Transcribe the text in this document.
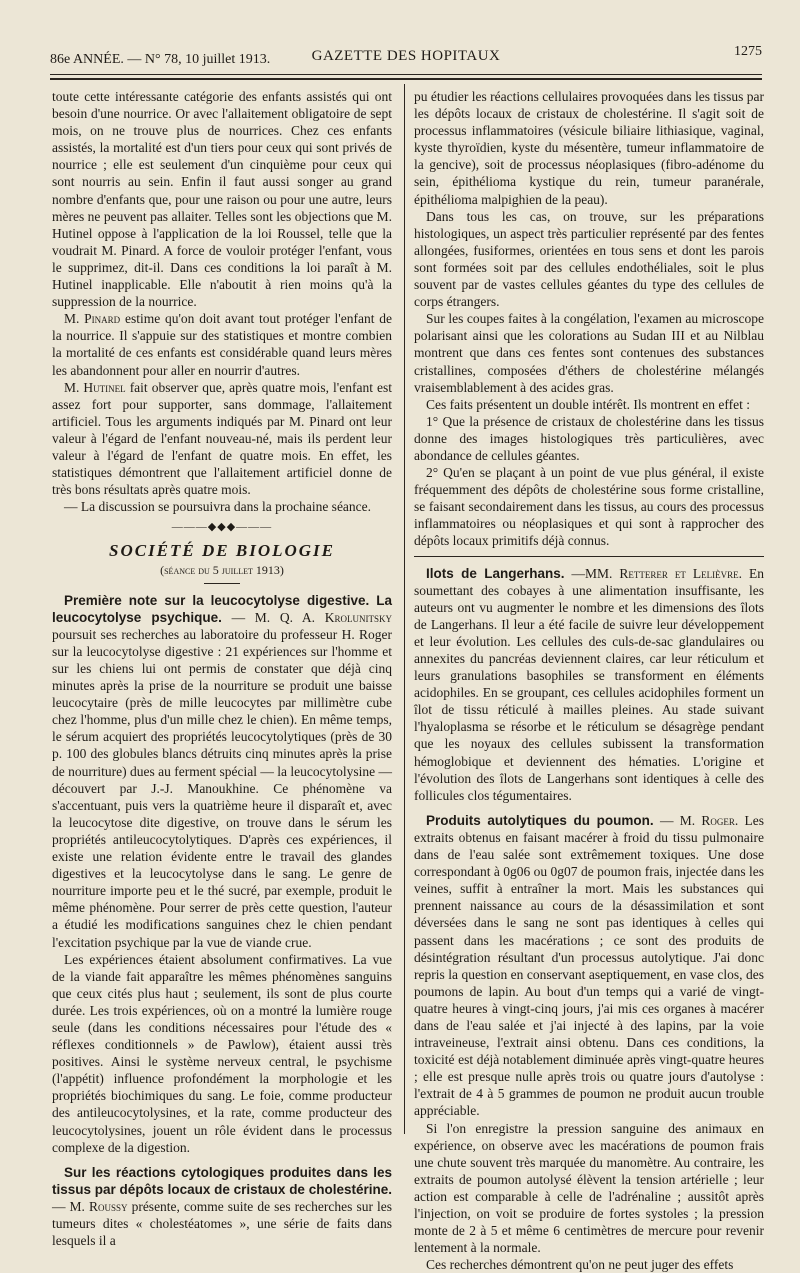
86e ANNÉE. — N° 78, 10 juillet 1913.	GAZETTE DES HOPITAUX	1275

toute cette intéressante catégorie des enfants assistés qui ont besoin d'une nourrice. Or avec l'allaitement obligatoire de sept mois, on ne trouve plus de nourrices. Chez ces enfants assistés, la mortalité est d'un tiers pour ceux qui sont privés de nourrice ; elle est seulement d'un cinquième pour ceux qui sont nourris au sein. Enfin il faut aussi songer au grand nombre d'enfants que, pour une raison ou pour une autre, leurs mères ne peuvent pas allaiter. Telles sont les objections que M. Hutinel oppose à l'application de la loi Roussel, telle que la voudrait M. Pinard. A force de vouloir protéger l'enfant, vous le supprimez, dit-il. Dans ces conditions la loi paraît à M. Hutinel inapplicable. Elle n'aboutit à rien moins qu'à la suppression de la nourrice.

M. Pinard estime qu'on doit avant tout protéger l'enfant de la nourrice. Il s'appuie sur des statistiques et montre combien la mortalité de ces enfants est considérable quand leurs mères les abandonnent pour aller en nourrir d'autres.

M. Hutinel fait observer que, après quatre mois, l'enfant est assez fort pour supporter, sans dommage, l'allaitement artificiel. Tous les arguments indiqués par M. Pinard ont leur valeur à l'égard de l'enfant nouveau-né, mais ils perdent leur valeur à l'égard de l'enfant de quatre mois. En effet, les statistiques démontrent que l'allaitement artificiel donne de très bons résultats après quatre mois.

— La discussion se poursuivra dans la prochaine séance.

———◆◆◆———
SOCIÉTÉ DE BIOLOGIE
(séance du 5 juillet 1913)

Première note sur la leucocytolyse digestive. La leucocytolyse psychique. — M. Q. A. Krolunitsky poursuit ses recherches au laboratoire du professeur H. Roger sur la leucocytolyse digestive : 21 expériences sur l'homme et sur les chiens lui ont permis de constater que déjà cinq minutes après la prise de la nourriture se produit une baisse leucocytaire (près de mille leucocytes par millimètre cube chez l'homme, plus d'un mille chez le chien). En même temps, le sérum acquiert des propriétés leucocytolytiques (près de 30 p. 100 des globules blancs détruits cinq minutes après la prise de nourriture) dues au ferment spécial — la leucocytolysine — découvert par J.-J. Manoukhine. Ce phénomène va s'accentuant, puis vers la quatrième heure il disparaît et, avec la leucocytose dite digestive, on trouve dans le sérum les propriétés antileucocytolytiques. D'après ces expériences, il existe une relation évidente entre le travail des glandes digestives et la leucocytolyse dans le sang. Le genre de nourriture importe peu et le thé sucré, par exemple, produit le même phénomène. Pour serrer de près cette question, l'auteur a étudié les modifications sanguines chez le chien pendant l'excitation psychique par la vue de viande crue.

Les expériences étaient absolument confirmatives. La vue de la viande fait apparaître les mêmes phénomènes sanguins que ceux cités plus haut ; seulement, ils sont de plus courte durée. Les trois expériences, où on a montré la lumière rouge seule (dans les conditions nécessaires pour l'étude des « réflexes conditionnels » de Pawlow), étaient aussi très positives. Ainsi le système nerveux central, le psychisme (l'appétit) influence profondément la morphologie et les propriétés biochimiques du sang. Le foie, comme producteur des antileucocytolysines, et la rate, comme producteur des leucocytolysines, jouent un rôle évident dans le processus complexe de la digestion.

Sur les réactions cytologiques produites dans les tissus par dépôts locaux de cristaux de cholestérine. — M. Roussy présente, comme suite de ses recherches sur les tumeurs dites « cholestéatomes », une série de faits dans lesquels il a

pu étudier les réactions cellulaires provoquées dans les tissus par les dépôts locaux de cristaux de cholestérine. Il s'agit soit de processus inflammatoires (vésicule biliaire lithiasique, vaginal, kyste thyroïdien, kyste du mésentère, tumeur inflammatoire de la gencive), soit de processus néoplasiques (fibro-adénome du sein, épithélioma kystique du rein, tumeur paranérale, épithélioma malpighien de la peau).

Dans tous les cas, on trouve, sur les préparations histologiques, un aspect très particulier représenté par des fentes allongées, fusiformes, orientées en tous sens et dont les parois sont formées soit par des cellules endothéliales, soit le plus souvent par de vastes cellules géantes du type des cellules de corps étrangers.

Sur les coupes faites à la congélation, l'examen au microscope polarisant ainsi que les colorations au Sudan III et au Nilblau montrent que dans ces fentes sont contenues des substances cristallines, composées d'éthers de cholestérine mélangés vraisemblablement à des acides gras.

Ces faits présentent un double intérêt. Ils montrent en effet :

1° Que la présence de cristaux de cholestérine dans les tissus donne des images histologiques très particulières, avec abondance de cellules géantes.

2° Qu'en se plaçant à un point de vue plus général, il existe fréquemment des dépôts de cholestérine sous forme cristalline, se faisant secondairement dans les tissus, au cours des processus inflammatoires ou néoplasiques et qui sont à rapprocher des dépôts locaux primitifs déjà connus.

Ilots de Langerhans. —MM. Retterer et Lelièvre. En soumettant des cobayes à une alimentation insuffisante, les auteurs ont vu augmenter le nombre et les dimensions des îlots de Langerhans. Il leur a été facile de suivre leur développement et leur évolution. Les cellules des culs-de-sac glandulaires ou annexites du pancréas deviennent claires, car leur réticulum et leurs granulations basophiles se transforment en éléments acidophiles. En se groupant, ces cellules acidophiles forment un îlot de tissu réticulé à mailles pleines. Au stade suivant l'hyaloplasma se résorbe et le réticulum se désagrège pendant que les noyaux des cellules subissent la transformation hémoglobique et deviennent des hématies. L'origine et l'évolution des îlots de Langerhans sont identiques à celle des follicules clos tégumentaires.

Produits autolytiques du poumon. — M. Roger. Les extraits obtenus en faisant macérer à froid du tissu pulmonaire dans de l'eau salée sont extrêmement toxiques. Une dose correspondant à 0g06 ou 0g07 de poumon frais, injectée dans les veines, suffit à entraîner la mort. Mais les substances qui prennent naissance au cours de la désassimilation et sont déversées dans le sang ne sont pas identiques à celles qui passent dans les macérations ; ce sont des produits de désintégration résultant d'un processus autolytique. J'ai donc repris la question en conservant aseptiquement, en vase clos, des poumons de lapin. Au bout d'un temps qui a varié de vingt-quatre heures à vingt-cinq jours, j'ai mis ces organes à macérer dans de l'eau salée et j'ai injecté à des lapins, par la voie intraveineuse, l'extrait ainsi obtenu. Dans ces conditions, la toxicité est déjà notablement diminuée après vingt-quatre heures ; elle est presque nulle après trois ou quatre jours d'autolyse : l'extrait de 4 à 5 grammes de poumon ne produit aucun trouble appréciable.

Si l'on enregistre la pression sanguine des animaux en expérience, on observe avec les macérations de poumon frais une chute souvent très marquée du manomètre. Au contraire, les extraits de poumon autolysé élèvent la tension artérielle ; leur action est comparable à celle de l'adrénaline ; aussitôt après l'injection, on voit se produire de fortes systoles ; la pression monte de 2 à 5 et même 6 centimètres de mercure pour revenir lentement à la normale.

Ces recherches démontrent qu'on ne peut juger des effets
